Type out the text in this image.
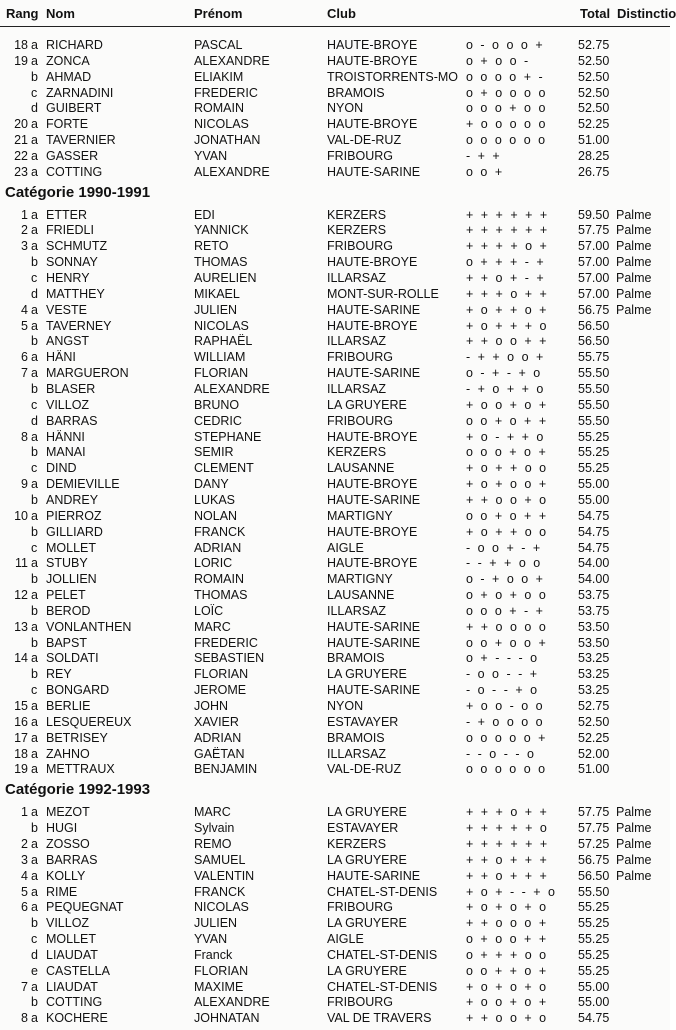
Rang Nom	Prénom	Club	Total Distinctio
18 a RICHARD	PASCAL	HAUTE-BROYE	o - o o o +	52.75
19 a ZONCA	ALEXANDRE	HAUTE-BROYE	o + o o -	52.50
b AHMAD	ELIAKIM	TROISTORRENTS-MO o o o o + -	52.50
c ZARNADINI	FREDERIC	BRAMOIS	o + o o o o	52.50
d GUIBERT	ROMAIN	NYON	o o o + o o	52.50
20 a FORTE	NICOLAS	HAUTE-BROYE	+ o o o o o	52.25
21 a TAVERNIER	JONATHAN	VAL-DE-RUZ	o o o o o o	51.00
22 a GASSER	YVAN	FRIBOURG	- + +	28.25
23 a COTTING	ALEXANDRE	HAUTE-SARINE	o o +	26.75
Catégorie 1990-1991
1 a ETTER	EDI	KERZERS	+ + + + + + 59.50 Palme
2 a FRIEDLI	YANNICK	KERZERS	+ + + + + + 57.75 Palme
3 a SCHMUTZ	RETO	FRIBOURG	+ + + + o + 57.00 Palme
b SONNAY	THOMAS	HAUTE-BROYE	o + + + - +	57.00 Palme
c HENRY	AURELIEN	ILLARSAZ	+ + o + - +	57.00 Palme
d MATTHEY	MIKAEL	MONT-SUR-ROLLE + + + o + + 57.00 Palme
4 a VESTE	JULIEN	HAUTE-SARINE	+ o + + o + 56.75 Palme
5 a TAVERNEY	NICOLAS	HAUTE-BROYE	+ o + + + o 56.50
b ANGST	RAPHAËL	ILLARSAZ	+ + o o + + 56.50
6 a HÄNI	WILLIAM	FRIBOURG	- + + o o +	55.75
7 a MARGUERON	FLORIAN	HAUTE-SARINE	o - + - + o	55.50
b BLASER	ALEXANDRE	ILLARSAZ	- + o + + o	55.50
c VILLOZ	BRUNO	LA GRUYERE	+ o o + o +	55.50
d BARRAS	CEDRIC	FRIBOURG	o o + o + +	55.50
8 a HÄNNI	STEPHANE	HAUTE-BROYE	+ o - + + o	55.25
b MANAI	SEMIR	KERZERS	o o o + o +	55.25
c DIND	CLEMENT	LAUSANNE	+ o + + o o	55.25
9 a DEMIEVILLE	DANY	HAUTE-BROYE	+ o + o o +	55.00
b ANDREY	LUKAS	HAUTE-SARINE	+ + o o + o	55.00
10 a PIERROZ	NOLAN	MARTIGNY	o o + o + +	54.75
b GILLIARD	FRANCK	HAUTE-BROYE	+ o + + o o	54.75
c MOLLET	ADRIAN	AIGLE	- o o + - +	54.75
11 a STUBY	LORIC	HAUTE-BROYE	- - + + o o	54.00
b JOLLIEN	ROMAIN	MARTIGNY	o - + o o +	54.00
12 a PELET	THOMAS	LAUSANNE	o + o + o o	53.75
b BEROD	LOÏC	ILLARSAZ	o o o + - +	53.75
13 a VONLANTHEN	MARC	HAUTE-SARINE	+ + o o o o	53.50
b BAPST	FREDERIC	HAUTE-SARINE	o o + o o +	53.50
14 a SOLDATI	SEBASTIEN	BRAMOIS	o + - - - o	53.25
b REY	FLORIAN	LA GRUYERE	- o o - - +	53.25
c BONGARD	JEROME	HAUTE-SARINE	- o - - + o	53.25
15 a BERLIE	JOHN	NYON	+ o o - o o	52.75
16 a LESQUEREUX	XAVIER	ESTAVAYER	- + o o o o	52.50
17 a BETRISEY	ADRIAN	BRAMOIS	o o o o o +	52.25
18 a ZAHNO	GAËTAN	ILLARSAZ	- - o - - o	52.00
19 a METTRAUX	BENJAMIN	VAL-DE-RUZ	o o o o o o	51.00
Catégorie 1992-1993
1 a MEZOT	MARC	LA GRUYERE	+ + + o + + 57.75 Palme
b HUGI	Sylvain	ESTAVAYER	+ + + + + o 57.75 Palme
2 a ZOSSO	REMO	KERZERS	+ + + + + + 57.25 Palme
3 a BARRAS	SAMUEL	LA GRUYERE	+ + o + + + 56.75 Palme
4 a KOLLY	VALENTIN	HAUTE-SARINE	+ + o + + + 56.50 Palme
5 a RIME	FRANCK	CHATEL-ST-DENIS + o + - - + o 55.50
6 a PEQUEGNAT	NICOLAS	FRIBOURG	+ o + o + o	55.25
b VILLOZ	JULIEN	LA GRUYERE	+ + o o o +	55.25
c MOLLET	YVAN	AIGLE	o + o o + +	55.25
d LIAUDAT	Franck	CHATEL-ST-DENIS o + + + o o	55.25
e CASTELLA	FLORIAN	LA GRUYERE	o o + + o +	55.25
7 a LIAUDAT	MAXIME	CHATEL-ST-DENIS + o + o + o	55.00
b COTTING	ALEXANDRE	FRIBOURG	+ o o + o +	55.00
8 a KOCHERE	JOHNATAN	VAL DE TRAVERS	+ + o o + o	54.75
